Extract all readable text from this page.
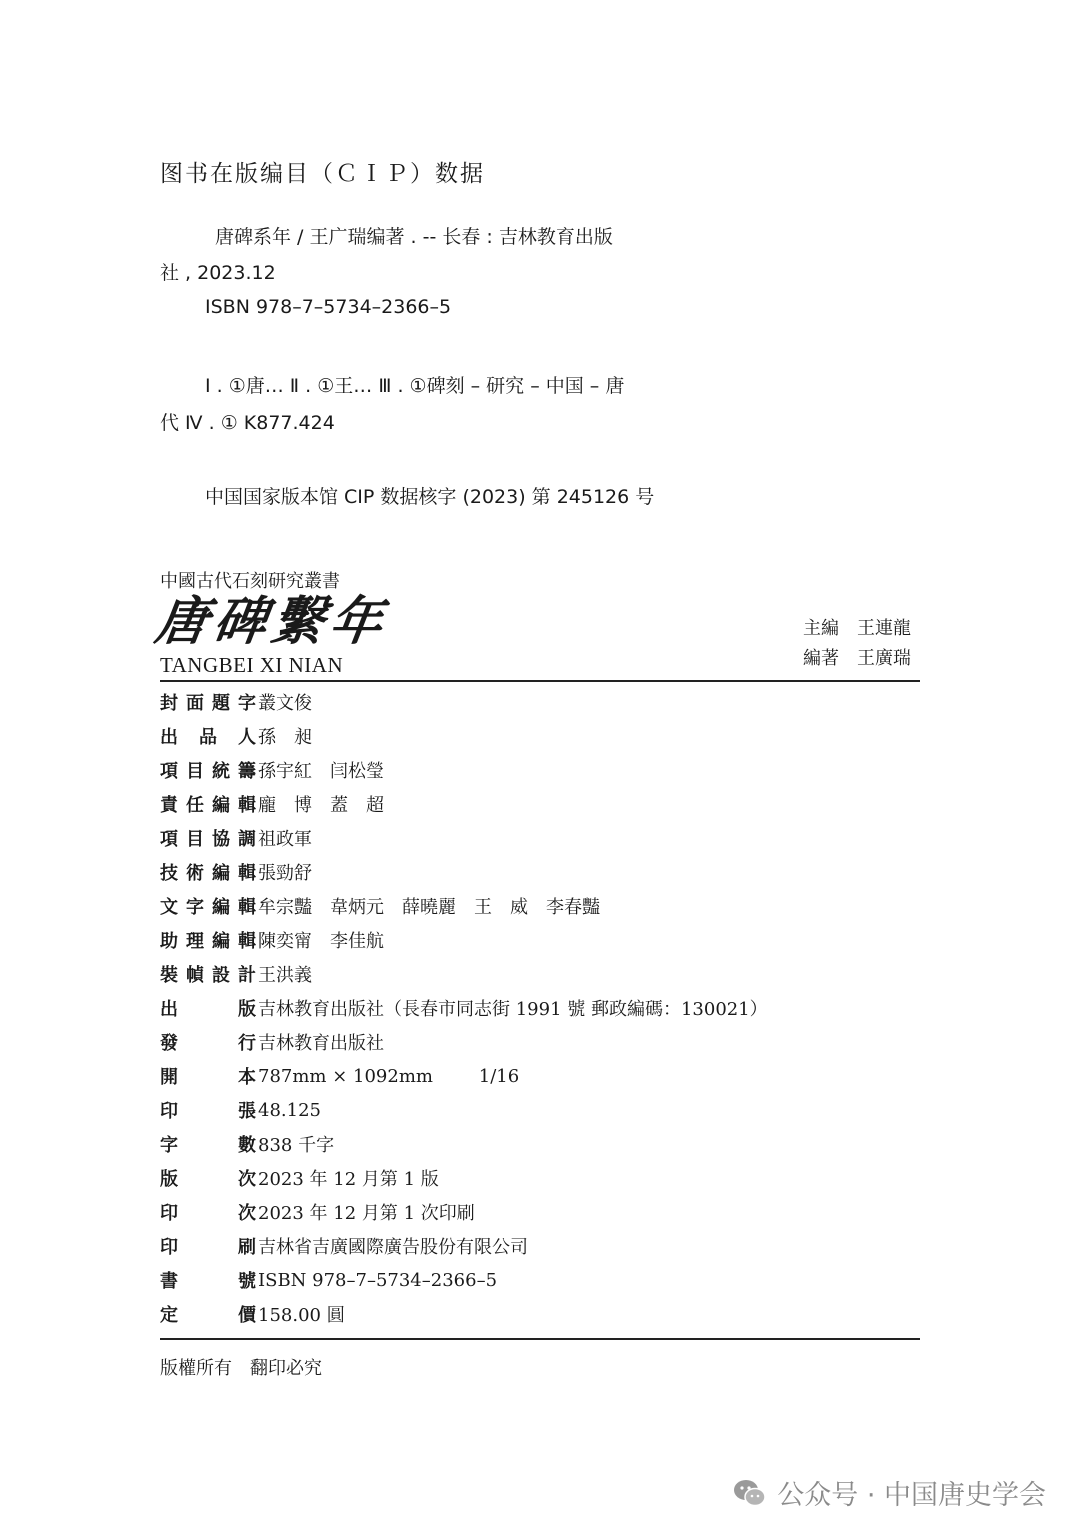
图书在版编目（ＣＩＰ）数据
唐碑系年 / 王广瑞编著 . -- 长春 : 吉林教育出版
社 , 2023.12
ISBN 978–7–5734–2366–5
Ⅰ . ①唐… Ⅱ . ①王… Ⅲ . ①碑刻 – 研究 – 中国 – 唐
代 Ⅳ . ① K877.424
中国国家版本馆 CIP 数据核字 (2023) 第 245126 号
中國古代石刻研究叢書
唐碑繫年
TANGBEI XI NIAN
主編 王連龍
編著 王廣瑞
封 面 題 字 叢文俊
出 品 人 孫　昶
項 目 統 籌 孫宇紅　闫松瑩
責 任 編 輯 龐　博　蓋　超
項 目 協 調 祖政軍
技 術 編 輯 張勁舒
文 字 編 輯 牟宗豔　韋炳元　薛曉麗　王　威　李春豔
助 理 編 輯 陳奕甯　李佳航
裝 幀 設 計 王洪義
出	版 吉林教育出版社（長春市同志街 1991 號 郵政編碼：130021）
發	行 吉林教育出版社
開	本 787mm × 1092mm        1/16
印	張 48.125
字	數 838 千字
版	次 2023 年 12 月第 1 版
印	次 2023 年 12 月第 1 次印刷
印	刷 吉林省吉廣國際廣告股份有限公司
書	號 ISBN 978–7–5734–2366–5
定	價 158.00 圓
版權所有　翻印必究
公众号 · 中国唐史学会
